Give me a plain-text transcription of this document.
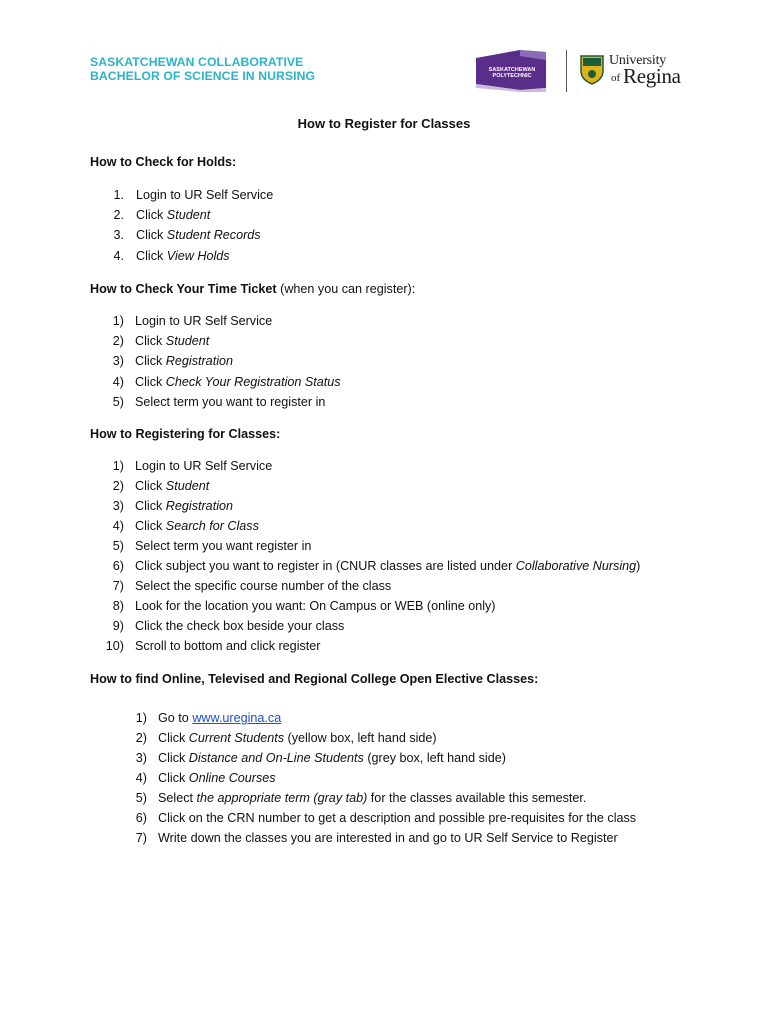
SASKATCHEWAN COLLABORATIVE
BACHELOR OF SCIENCE IN NURSING	SASKATCHEWAN POLYTECHNIC
University
of Regina
How to Register for Classes
How to Check for Holds:
1. Login to UR Self Service
2. Click Student
3. Click Student Records
4. Click View Holds
How to Check Your Time Ticket (when you can register):
1) Login to UR Self Service
2) Click Student
3) Click Registration
4) Click Check Your Registration Status
5) Select term you want to register in
How to Registering for Classes:
1) Login to UR Self Service
2) Click Student
3) Click Registration
4) Click Search for Class
5) Select term you want register in
6) Click subject you want to register in (CNUR classes are listed under Collaborative Nursing)
7) Select the specific course number of the class
8) Look for the location you want: On Campus or WEB (online only)
9) Click the check box beside your class
10) Scroll to bottom and click register
How to find Online, Televised and Regional College Open Elective Classes:
1) Go to www.uregina.ca
2) Click Current Students (yellow box, left hand side)
3) Click Distance and On-Line Students (grey box, left hand side)
4) Click Online Courses
5) Select the appropriate term (gray tab) for the classes available this semester.
6) Click on the CRN number to get a description and possible pre-requisites for the class
7) Write down the classes you are interested in and go to UR Self Service to Register
